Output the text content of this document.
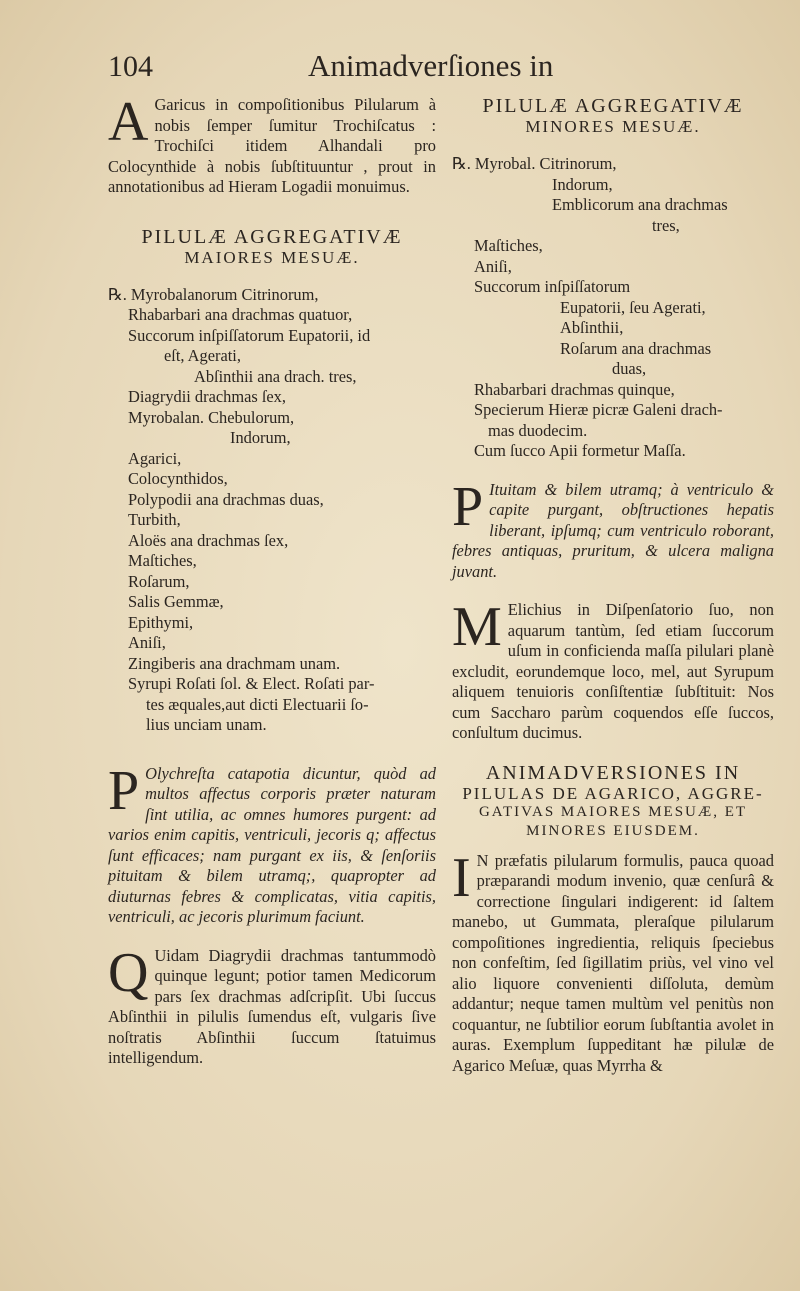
104	Animadverſiones in

A Garicus in compoſitionibus Pilularum à nobis ſemper ſumitur Trochiſcatus : Trochiſci itidem Alhandali pro Colocynthide à nobis ſubſtituuntur , prout in annotationibus ad Hieram Logadii monuimus.

PILULÆ AGGREGATIVÆ

MAIORES MESUÆ.

℞. Myrobalanorum Citrinorum,

Rhabarbari ana drachmas quatuor,

Succorum inſpiſſatorum Eupatorii, id

eſt, Agerati,

Abſinthii ana drach. tres,

Diagrydii drachmas ſex,

Myrobalan. Chebulorum,

Indorum,

Agarici,

Colocynthidos,

Polypodii ana drachmas duas,

Turbith,

Aloës ana drachmas ſex,

Maſtiches,

Roſarum,

Salis Gemmæ,

Epithymi,

Aniſi,

Zingiberis ana drachmam unam.

Syrupi Roſati ſol. & Elect. Roſati par-

tes æquales,aut dicti Electuarii ſo-

lius unciam unam.

P Olychreſta catapotia dicuntur, quòd ad multos affectus corporis præter naturam ſint utilia, ac omnes humores purgent: ad varios enim capitis, ventriculi, jecoris q; affectus ſunt efficaces; nam purgant ex iis, & ſenſoriis pituitam & bilem utramq;, quapropter ad diuturnas febres & complicatas, vitia capitis, ventriculi, ac jecoris plurimum faciunt.

Q Uidam Diagrydii drachmas tantummodò quinque legunt; potior tamen Medicorum pars ſex drachmas adſcripſit. Ubi ſuccus Abſinthii in pilulis ſumendus eſt, vulgaris ſive noſtratis Abſinthii ſuccum ſtatuimus intelligendum.

PILULÆ AGGREGATIVÆ

MINORES MESUÆ.

℞. Myrobal. Citrinorum,

Indorum,

Emblicorum ana drachmas

tres,

Maſtiches,

Aniſi,

Succorum inſpiſſatorum

Eupatorii, ſeu Agerati,

Abſinthii,

Roſarum ana drachmas

duas,

Rhabarbari drachmas quinque,

Specierum Hieræ picræ Galeni drach-

mas duodecim.

Cum ſucco Apii formetur Maſſa.

P Ituitam & bilem utramq; à ventriculo & capite purgant, obſtructiones hepatis liberant, ipſumq; cum ventriculo roborant, febres antiquas, pruritum, & ulcera maligna juvant.

M Elichius in Diſpenſatorio ſuo, non aquarum tantùm, ſed etiam ſuccorum uſum in conficienda maſſa pilulari planè excludit, eorundemque loco, mel, aut Syrupum aliquem tenuioris conſiſtentiæ ſubſtituit: Nos cum Saccharo parùm coquendos eſſe ſuccos, conſultum ducimus.

ANIMADVERSIONES IN

PILULAS DE AGARICO, AGGRE-

GATIVAS MAIORES MESUÆ, ET

MINORES EIUSDEM.

I N præfatis pilularum formulis, pauca quoad præparandi modum invenio, quæ cenſurâ & correctione ſingulari indigerent: id ſaltem manebo, ut Gummata, pleraſque pilularum compoſitiones ingredientia, reliquis ſpeciebus non confeſtim, ſed ſigillatim priùs, vel vino vel alio liquore convenienti diſſoluta, demùm addantur; neque tamen multùm vel penitùs non coquantur, ne ſubtilior eorum ſubſtantia avolet in auras. Exemplum ſuppeditant hæ pilulæ de Agarico Meſuæ, quas Myrrha &
